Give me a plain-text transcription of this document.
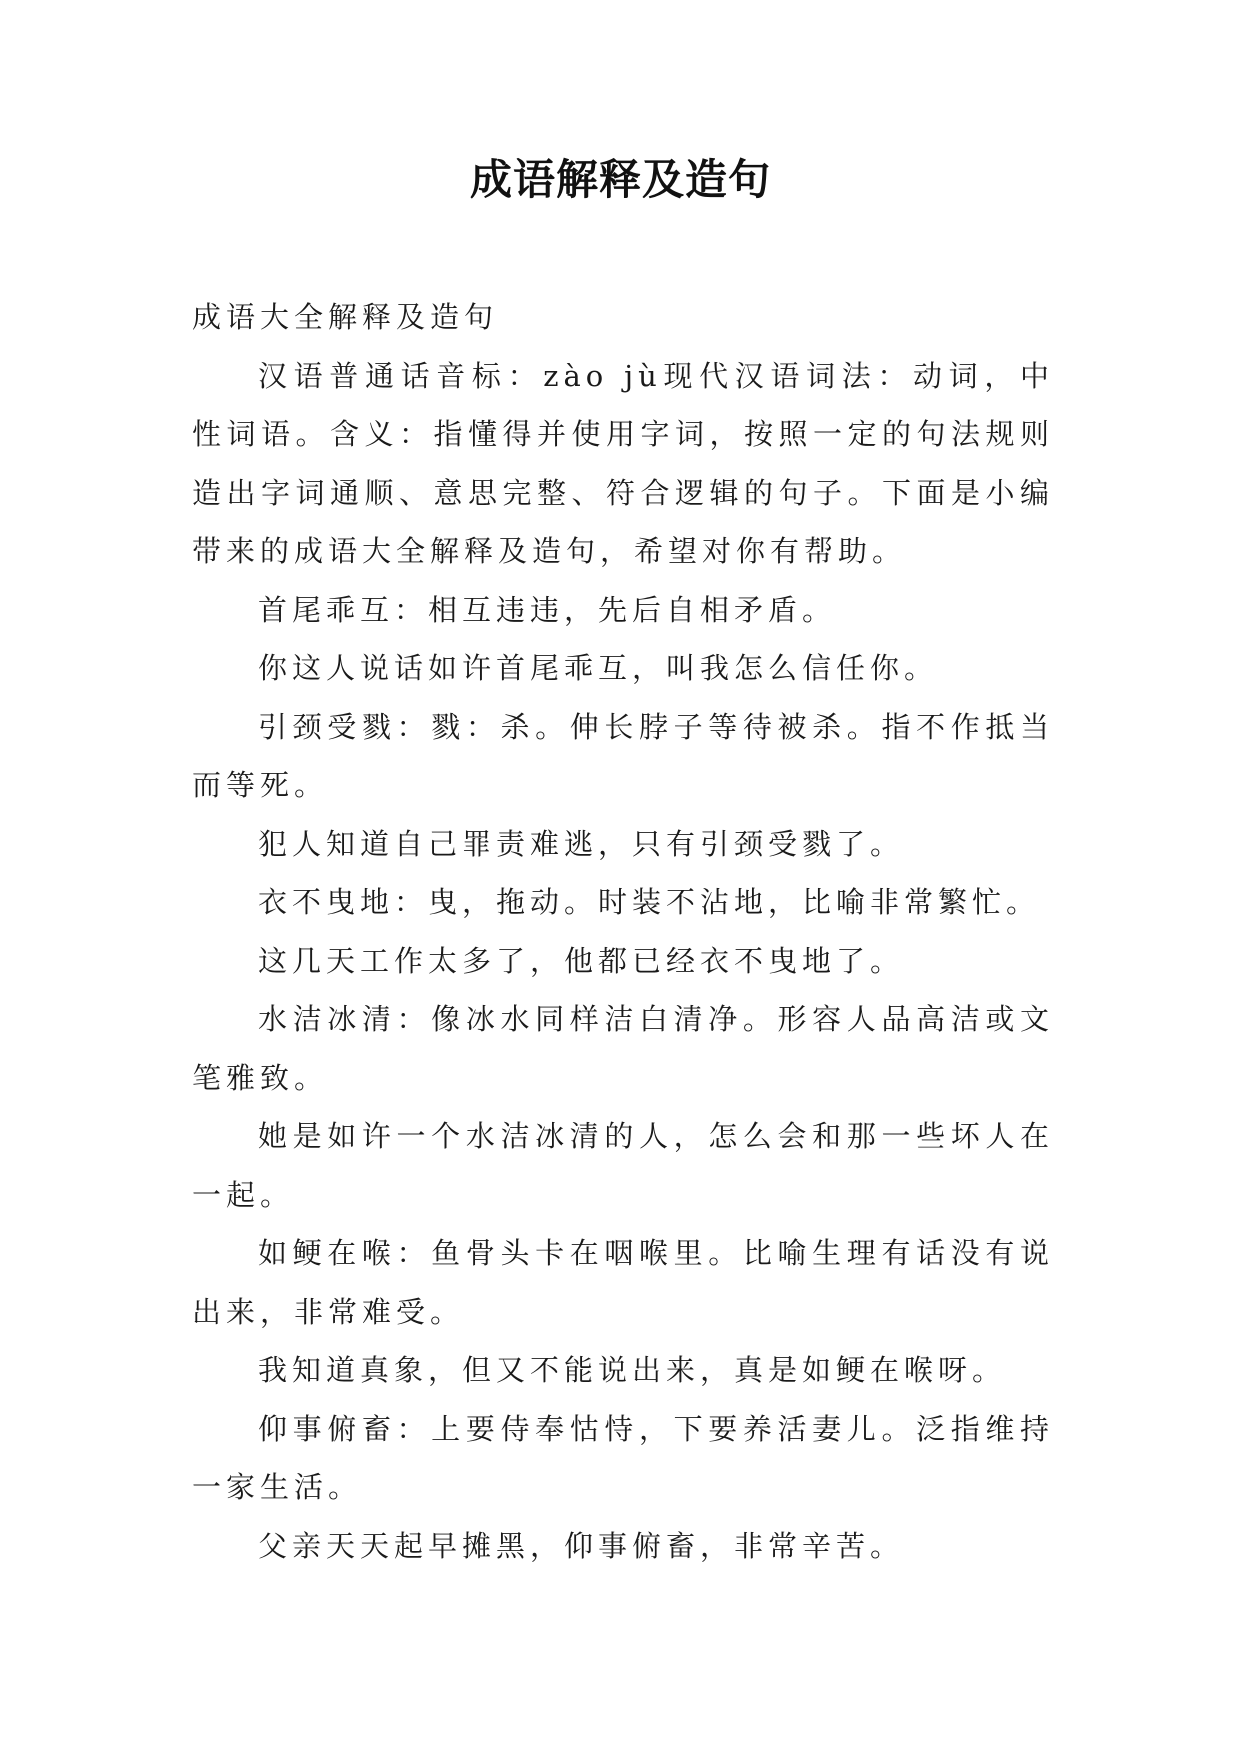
成语解释及造句

成语大全解释及造句

汉语普通话音标：zào jù现代汉语词法：动词，中性词语。含义：指懂得并使用字词，按照一定的句法规则造出字词通顺、意思完整、符合逻辑的句子。下面是小编带来的成语大全解释及造句，希望对你有帮助。

首尾乖互：相互违违，先后自相矛盾。

你这人说话如许首尾乖互，叫我怎么信任你。

引颈受戮：戮：杀。伸长脖子等待被杀。指不作抵当而等死。

犯人知道自己罪责难逃，只有引颈受戮了。

衣不曳地：曳，拖动。时装不沾地，比喻非常繁忙。

这几天工作太多了，他都已经衣不曳地了。

水洁冰清：像冰水同样洁白清净。形容人品高洁或文笔雅致。

她是如许一个水洁冰清的人，怎么会和那一些坏人在一起。

如鲠在喉：鱼骨头卡在咽喉里。比喻生理有话没有说出来，非常难受。

我知道真象，但又不能说出来，真是如鲠在喉呀。

仰事俯畜：上要侍奉怙恃，下要养活妻儿。泛指维持一家生活。

父亲天天起早摊黑，仰事俯畜，非常辛苦。
